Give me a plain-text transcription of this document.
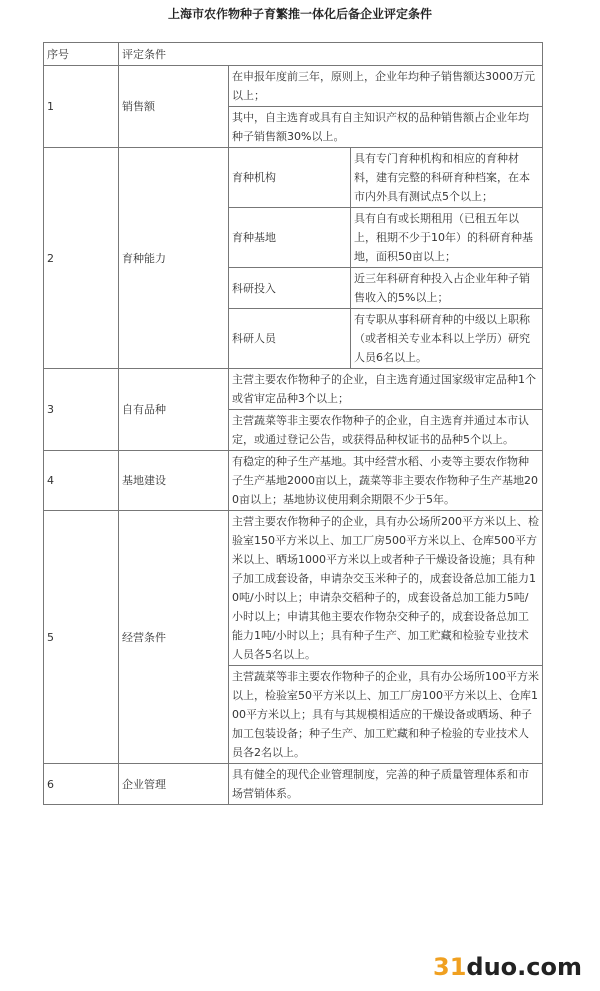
上海市农作物种子育繁推一体化后备企业评定条件
序号	评定条件		
1	销售额	在申报年度前三年，原则上，企业年均种子销售额达3000万元以上；	
		其中，自主选育或具有自主知识产权的品种销售额占企业年均种子销售额30%以上。	
2	育种能力	育种机构	具有专门育种机构和相应的育种材料，建有完整的科研育种档案，在本市内外具有测试点5个以上；
		育种基地	具有自有或长期租用（已租五年以上，租期不少于10年）的科研育种基地，面积50亩以上；
		科研投入	近三年科研育种投入占企业年种子销售收入的5%以上；
		科研人员	有专职从事科研育种的中级以上职称（或者相关专业本科以上学历）研究人员6名以上。
3	自有品种	主营主要农作物种子的企业，自主选育通过国家级审定品种1个或省审定品种3个以上；	
		主营蔬菜等非主要农作物种子的企业，自主选育并通过本市认定，或通过登记公告，或获得品种权证书的品种5个以上。	
4	基地建设	有稳定的种子生产基地。其中经营水稻、小麦等主要农作物种子生产基地2000亩以上，蔬菜等非主要农作物种子生产基地200亩以上；基地协议使用剩余期限不少于5年。	
5	经营条件	主营主要农作物种子的企业，具有办公场所200平方米以上、检验室150平方米以上、加工厂房500平方米以上、仓库500平方米以上、晒场1000平方米以上或者种子干燥设备设施；具有种子加工成套设备，申请杂交玉米种子的，成套设备总加工能力10吨/小时以上；申请杂交稻种子的，成套设备总加工能力5吨/小时以上；申请其他主要农作物杂交种子的，成套设备总加工能力1吨/小时以上；具有种子生产、加工贮藏和检验专业技术人员各5名以上。	
		主营蔬菜等非主要农作物种子的企业，具有办公场所100平方米以上，检验室50平方米以上、加工厂房100平方米以上、仓库100平方米以上；具有与其规模相适应的干燥设备或晒场、种子加工包装设备；种子生产、加工贮藏和种子检验的专业技术人员各2名以上。	
6	企业管理	具有健全的现代企业管理制度，完善的种子质量管理体系和市场营销体系。	
31duo.com
